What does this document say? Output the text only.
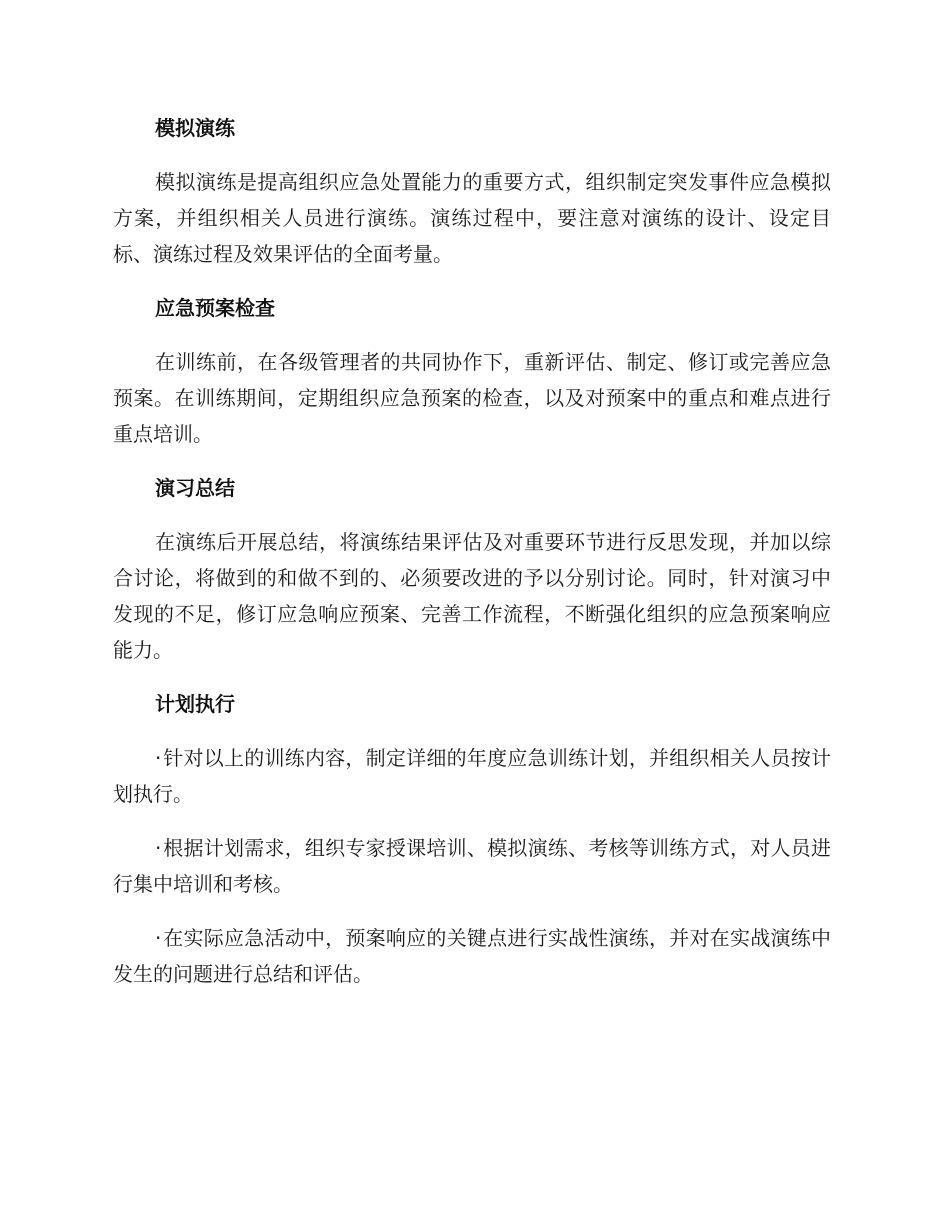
模拟演练

模拟演练是提高组织应急处置能力的重要方式，组织制定突发事件应急模拟方案，并组织相关人员进行演练。演练过程中，要注意对演练的设计、设定目标、演练过程及效果评估的全面考量。

应急预案检查

在训练前，在各级管理者的共同协作下，重新评估、制定、修订或完善应急预案。在训练期间，定期组织应急预案的检查，以及对预案中的重点和难点进行重点培训。

演习总结

在演练后开展总结，将演练结果评估及对重要环节进行反思发现，并加以综合讨论，将做到的和做不到的、必须要改进的予以分别讨论。同时，针对演习中发现的不足，修订应急响应预案、完善工作流程，不断强化组织的应急预案响应能力。

计划执行
·针对以上的训练内容，制定详细的年度应急训练计划，并组织相关人员按计划执行。
·根据计划需求，组织专家授课培训、模拟演练、考核等训练方式，对人员进行集中培训和考核。
·在实际应急活动中，预案响应的关键点进行实战性演练，并对在实战演练中发生的问题进行总结和评估。
